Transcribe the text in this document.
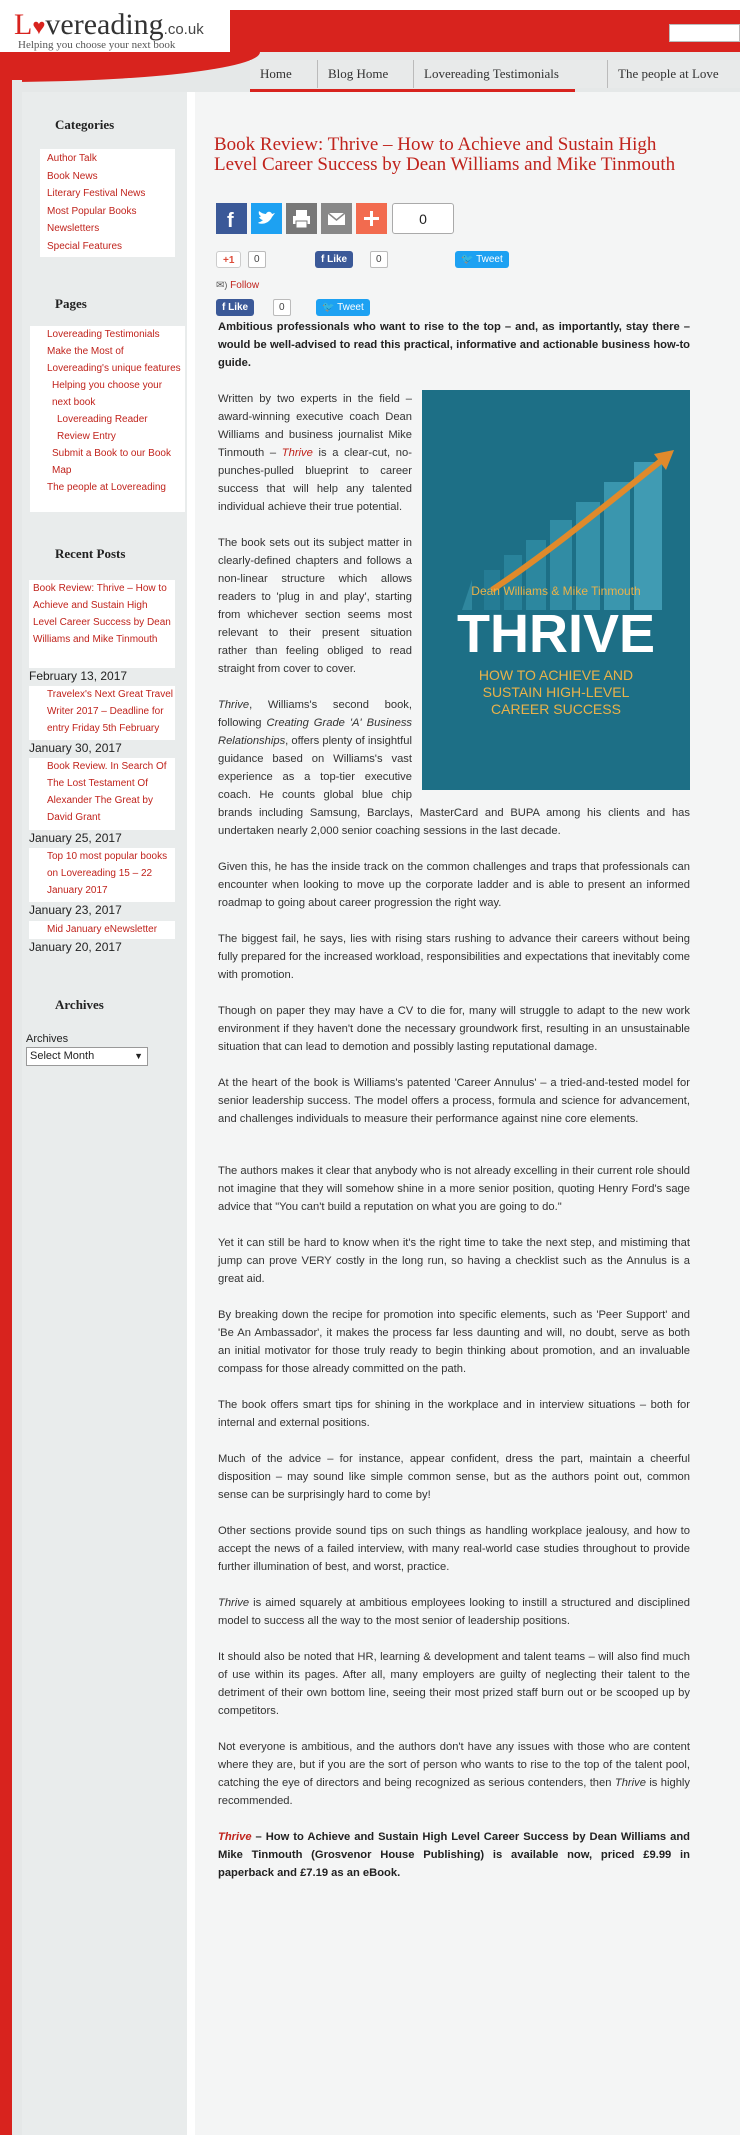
L♥vereading.co.uk
Helping you choose your next book
Home	Blog Home	Lovereading Testimonials	The people at Love
Categories
Author Talk
Book News
Literary Festival News
Most Popular Books
Newsletters
Special Features
Pages
Lovereading Testimonials
Make the Most of Lovereading's unique features
Helping you choose your next book
Lovereading Reader Review Entry
Submit a Book to our Book Map
The people at Lovereading
Recent Posts
Book Review: Thrive – How to Achieve and Sustain High Level Career Success by Dean Williams and Mike Tinmouth
February 13, 2017
Travelex's Next Great Travel Writer 2017 – Deadline for entry Friday 5th February
January 30, 2017
Book Review. In Search Of The Lost Testament Of Alexander The Great by David Grant
January 25, 2017
Top 10 most popular books on Lovereading 15 – 22 January 2017
January 23, 2017
Mid January eNewsletter
January 20, 2017
Archives
Archives
Select Month	▼
Book Review: Thrive – How to Achieve and Sustain High Level Career Success by Dean Williams and Mike Tinmouth
f	0
+1	0	f Like	0	🐦 Tweet
✉) Follow
f Like	0	🐦 Tweet

Ambitious professionals who want to rise to the top – and, as importantly, stay there –would be well-advised to read this practical, informative and actionable business how-to guide.

Dean Williams & Mike Tinmouth
THRIVE
HOW TO ACHIEVE AND
SUSTAIN HIGH-LEVEL
CAREER SUCCESS

Written by two experts in the field – award-winning executive coach Dean Williams and business journalist Mike Tinmouth – Thrive is a clear-cut, no-punches-pulled blueprint to career success that will help any talented individual achieve their true potential.

The book sets out its subject matter in clearly-defined chapters and follows a non-linear structure which allows readers to 'plug in and play', starting from whichever section seems most relevant to their present situation rather than feeling obliged to read straight from cover to cover.

Thrive, Williams's second book, following Creating Grade 'A' Business Relationships, offers plenty of insightful guidance based on Williams's vast experience as a top-tier executive coach. He counts global blue chip brands including Samsung, Barclays, MasterCard and BUPA among his clients and has undertaken nearly 2,000 senior coaching sessions in the last decade.

Given this, he has the inside track on the common challenges and traps that professionals can encounter when looking to move up the corporate ladder and is able to present an informed roadmap to going about career progression the right way.

The biggest fail, he says, lies with rising stars rushing to advance their careers without being fully prepared for the increased workload, responsibilities and expectations that inevitably come with promotion.

Though on paper they may have a CV to die for, many will struggle to adapt to the new work environment if they haven't done the necessary groundwork first, resulting in an unsustainable situation that can lead to demotion and possibly lasting reputational damage.

At the heart of the book is Williams's patented 'Career Annulus' – a tried-and-tested model for senior leadership success. The model offers a process, formula and science for advancement, and challenges individuals to measure their performance against nine core elements.

The authors makes it clear that anybody who is not already excelling in their current role should not imagine that they will somehow shine in a more senior position, quoting Henry Ford's sage advice that "You can't build a reputation on what you are going to do."

Yet it can still be hard to know when it's the right time to take the next step, and mistiming that jump can prove VERY costly in the long run, so having a checklist such as the Annulus is a great aid.

By breaking down the recipe for promotion into specific elements, such as 'Peer Support' and 'Be An Ambassador', it makes the process far less daunting and will, no doubt, serve as both an initial motivator for those truly ready to begin thinking about promotion, and an invaluable compass for those already committed on the path.

The book offers smart tips for shining in the workplace and in interview situations – both for internal and external positions.

Much of the advice – for instance, appear confident, dress the part, maintain a cheerful disposition – may sound like simple common sense, but as the authors point out, common sense can be surprisingly hard to come by!

Other sections provide sound tips on such things as handling workplace jealousy, and how to accept the news of a failed interview, with many real-world case studies throughout to provide further illumination of best, and worst, practice.

Thrive is aimed squarely at ambitious employees looking to instill a structured and disciplined model to success all the way to the most senior of leadership positions.

It should also be noted that HR, learning & development and talent teams – will also find much of use within its pages. After all, many employers are guilty of neglecting their talent to the detriment of their own bottom line, seeing their most prized staff burn out or be scooped up by competitors.

Not everyone is ambitious, and the authors don't have any issues with those who are content where they are, but if you are the sort of person who wants to rise to the top of the talent pool, catching the eye of directors and being recognized as serious contenders, then Thrive is highly recommended.

Thrive – How to Achieve and Sustain High Level Career Success by Dean Williams and Mike Tinmouth (Grosvenor House Publishing) is available now, priced £9.99 in paperback and £7.19 as an eBook.
